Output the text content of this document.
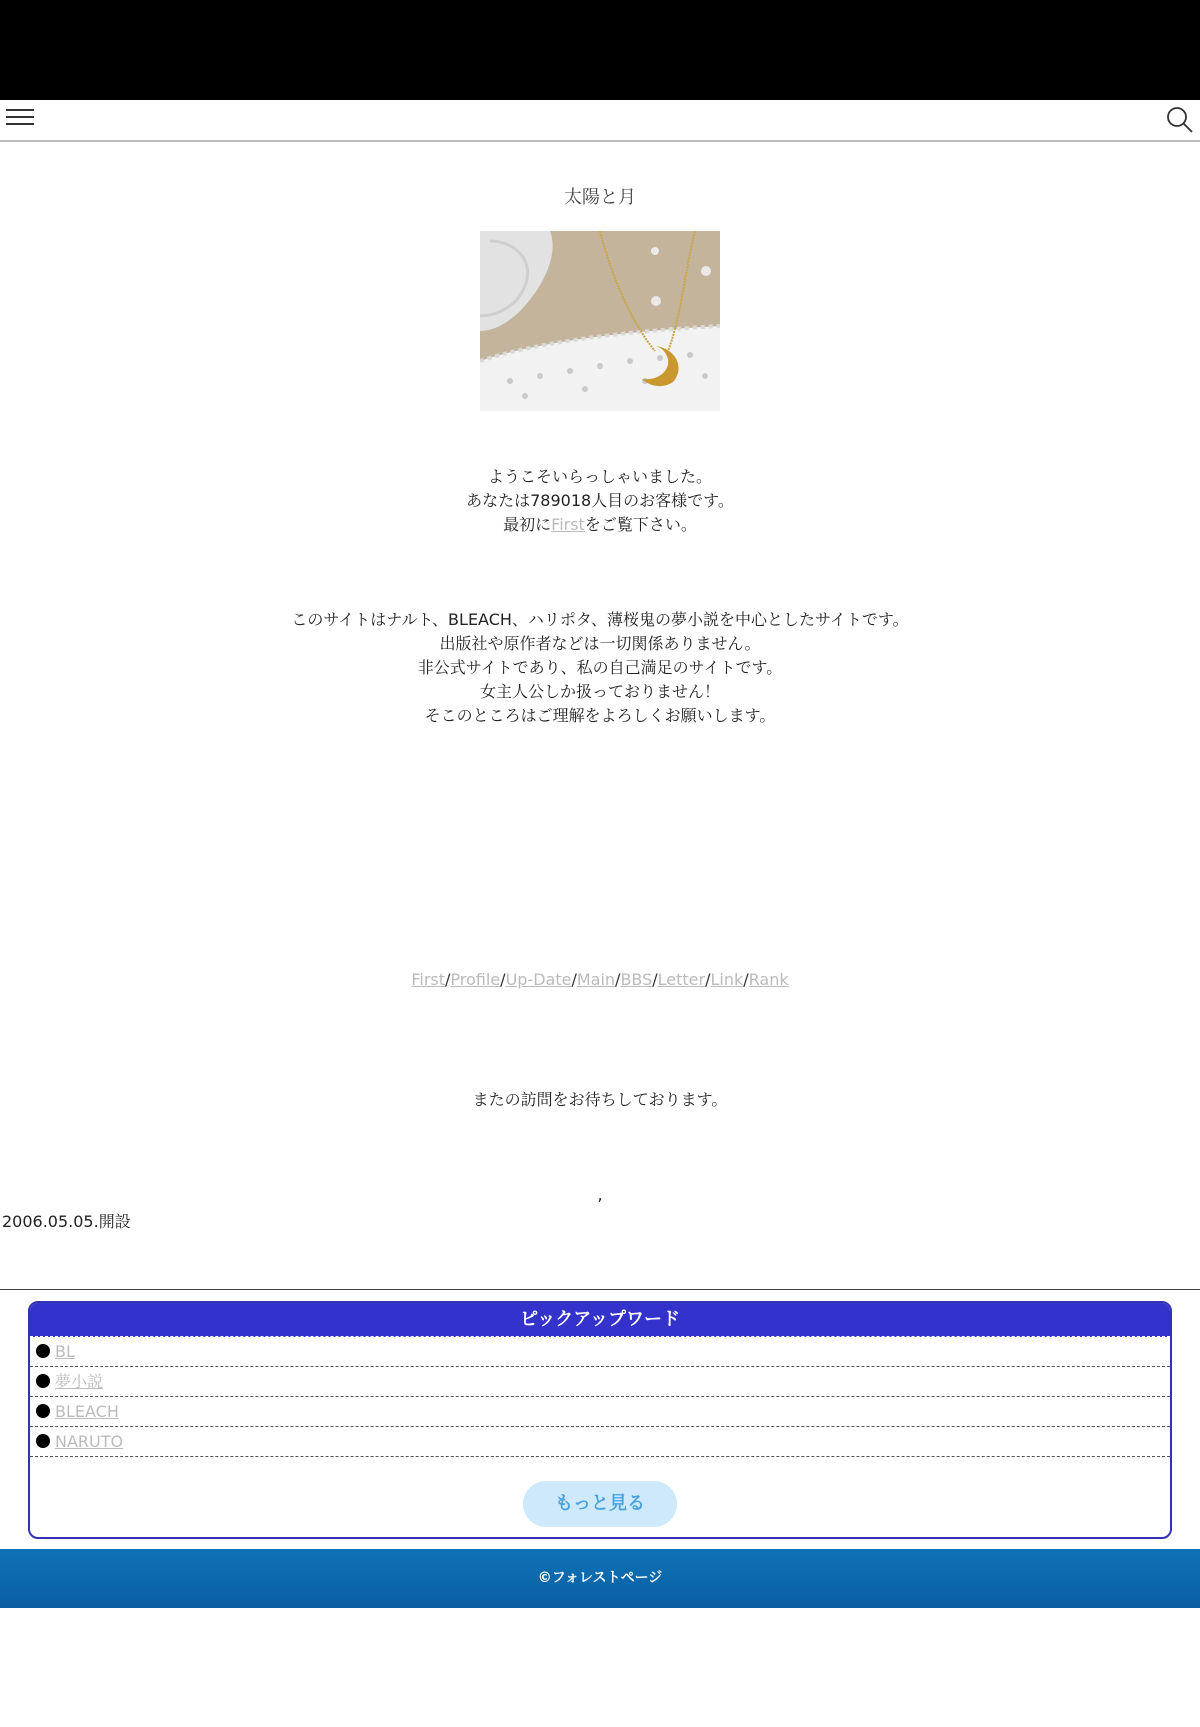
太陽と月
ようこそいらっしゃいました。
あなたは789018人目のお客様です。
最初にFirstをご覧下さい。
このサイトはナルト、BLEACH、ハリポタ、薄桜鬼の夢小説を中心としたサイトです。
出版社や原作者などは一切関係ありません。
非公式サイトであり、私の自己満足のサイトです。
女主人公しか扱っておりません！
そこのところはご理解をよろしくお願いします。
First/Profile/Up-Date/Main/BBS/Letter/Link/Rank
またの訪問をお待ちしております。
,
2006.05.05.開設
ピックアップワード
BL
夢小説
BLEACH
NARUTO
もっと見る
©フォレストページ
